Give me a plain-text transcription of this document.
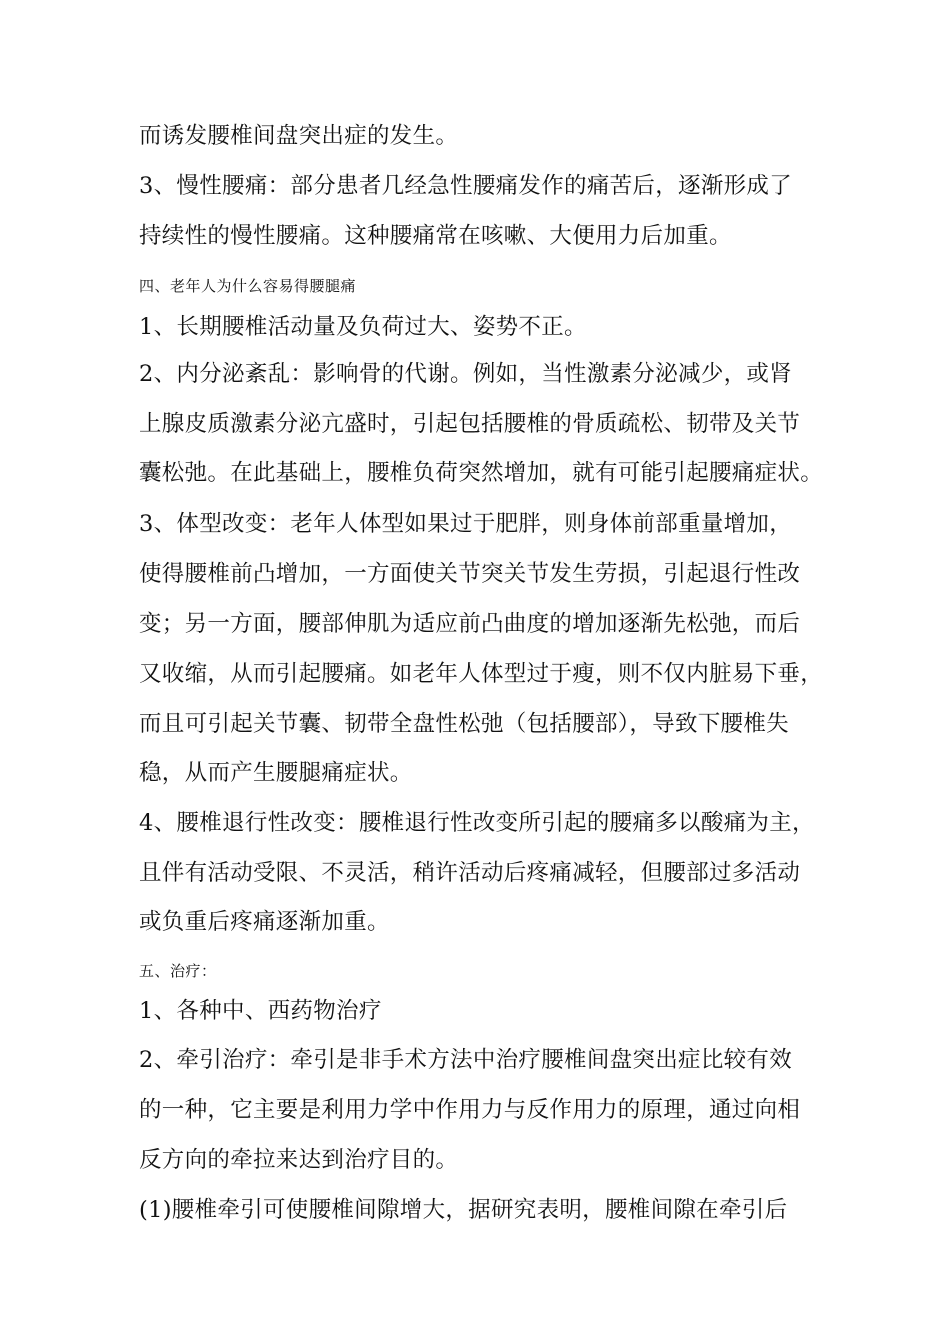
而诱发腰椎间盘突出症的发生。
3、慢性腰痛：部分患者几经急性腰痛发作的痛苦后，逐渐形成了
持续性的慢性腰痛。这种腰痛常在咳嗽、大便用力后加重。
四、老年人为什么容易得腰腿痛
1、长期腰椎活动量及负荷过大、姿势不正。
2、内分泌紊乱：影响骨的代谢。例如，当性激素分泌减少，或肾
上腺皮质激素分泌亢盛时，引起包括腰椎的骨质疏松、韧带及关节
囊松弛。在此基础上，腰椎负荷突然增加，就有可能引起腰痛症状。
3、体型改变：老年人体型如果过于肥胖，则身体前部重量增加，
使得腰椎前凸增加，一方面使关节突关节发生劳损，引起退行性改
变；另一方面，腰部伸肌为适应前凸曲度的增加逐渐先松弛，而后
又收缩，从而引起腰痛。如老年人体型过于瘦，则不仅内脏易下垂，
而且可引起关节囊、韧带全盘性松弛（包括腰部），导致下腰椎失
稳，从而产生腰腿痛症状。
4、腰椎退行性改变：腰椎退行性改变所引起的腰痛多以酸痛为主，
且伴有活动受限、不灵活，稍许活动后疼痛减轻，但腰部过多活动
或负重后疼痛逐渐加重。
五、治疗：
1、各种中、西药物治疗
2、牵引治疗：牵引是非手术方法中治疗腰椎间盘突出症比较有效
的一种，它主要是利用力学中作用力与反作用力的原理，通过向相
反方向的牵拉来达到治疗目的。
(1)腰椎牵引可使腰椎间隙增大，据研究表明，腰椎间隙在牵引后
